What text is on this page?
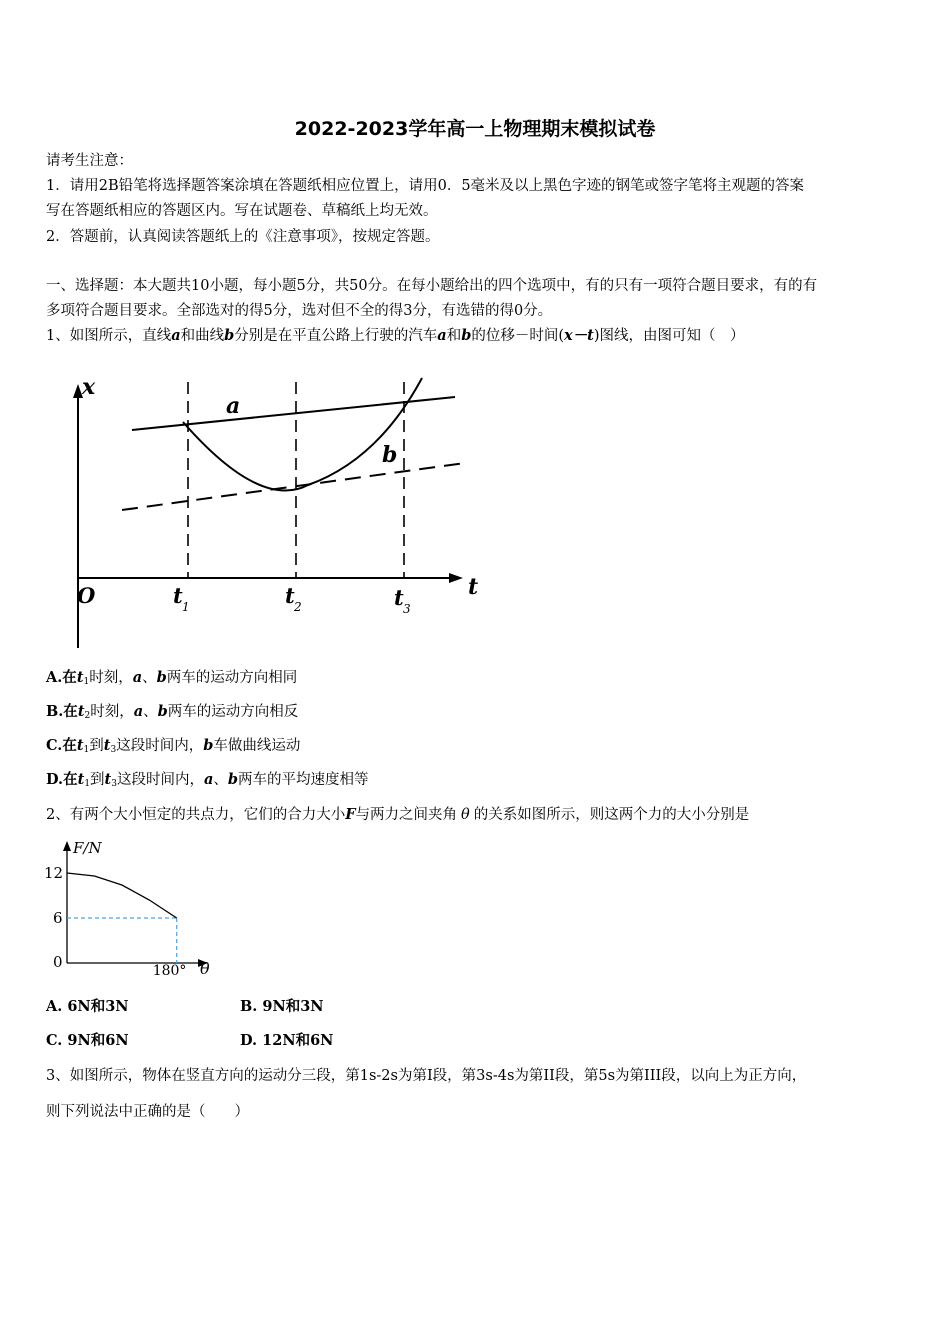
2022-2023学年高一上物理期末模拟试卷
请考生注意：
1．请用2B铅笔将选择题答案涂填在答题纸相应位置上，请用0．5毫米及以上黑色字迹的钢笔或签字笔将主观题的答案
写在答题纸相应的答题区内。写在试题卷、草稿纸上均无效。
2．答题前，认真阅读答题纸上的《注意事项》，按规定答题。
一、选择题：本大题共10小题，每小题5分，共50分。在每小题给出的四个选项中，有的只有一项符合题目要求，有的有
多项符合题目要求。全部选对的得5分，选对但不全的得3分，有选错的得0分。
1、如图所示，直线a和曲线b分别是在平直公路上行驶的汽车a和b的位移－时间(x－t)图线，由图可知（　）
x
t
O
a
b
t 1	t 2	t 3
A.在$t_1$时刻，a、b两车的运动方向相同
B.在$t_2$时刻，a、b两车的运动方向相反
C.在$t_1$到$t_3$这段时间内，b车做曲线运动
D.在$t_1$到$t_3$这段时间内，a、b两车的平均速度相等
2、有两个大小恒定的共点力，它们的合力大小F与两力之间夹角 θ 的关系如图所示，则这两个力的大小分别是
F/N
θ
12
6
0	180°
A. 6N和3N	B. 9N和3N
C. 9N和6N	D. 12N和6N
3、如图所示，物体在竖直方向的运动分三段，第1s-2s为第I段，第3s-4s为第II段，第5s为第III段，以向上为正方向，
则下列说法中正确的是（　　）
